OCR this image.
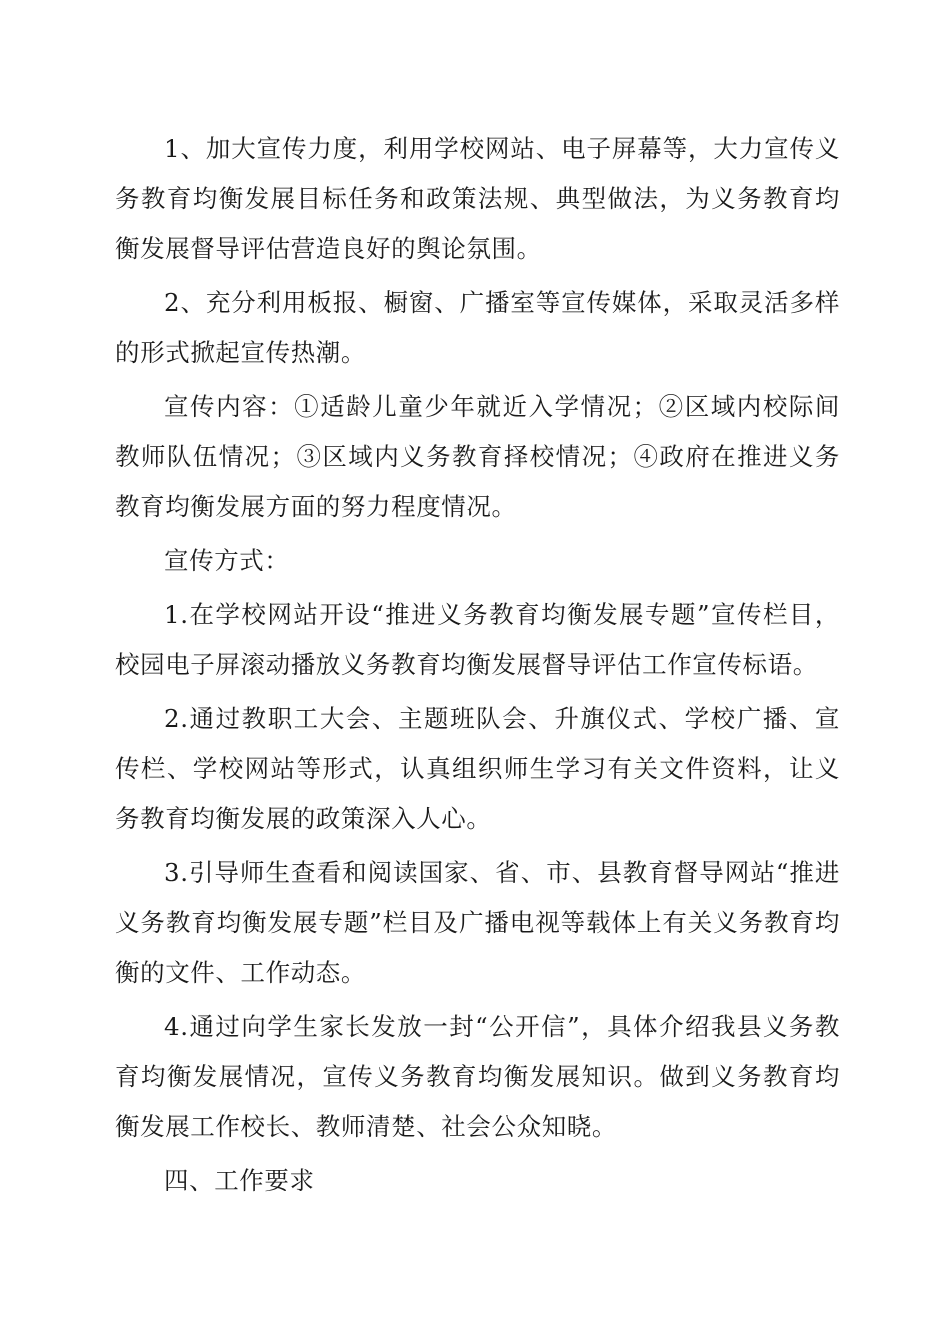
1、加大宣传力度，利用学校网站、电子屏幕等，大力宣传义务教育均衡发展目标任务和政策法规、典型做法，为义务教育均衡发展督导评估营造良好的舆论氛围。

2、充分利用板报、橱窗、广播室等宣传媒体，采取灵活多样的形式掀起宣传热潮。

宣传内容：①适龄儿童少年就近入学情况；②区域内校际间教师队伍情况；③区域内义务教育择校情况；④政府在推进义务教育均衡发展方面的努力程度情况。

宣传方式：

1.在学校网站开设“推进义务教育均衡发展专题”宣传栏目，校园电子屏滚动播放义务教育均衡发展督导评估工作宣传标语。

2.通过教职工大会、主题班队会、升旗仪式、学校广播、宣传栏、学校网站等形式，认真组织师生学习有关文件资料，让义务教育均衡发展的政策深入人心。

3.引导师生查看和阅读国家、省、市、县教育督导网站“推进义务教育均衡发展专题”栏目及广播电视等载体上有关义务教育均衡的文件、工作动态。

4.通过向学生家长发放一封“公开信”，具体介绍我县义务教育均衡发展情况，宣传义务教育均衡发展知识。做到义务教育均衡发展工作校长、教师清楚、社会公众知晓。

四、工作要求
